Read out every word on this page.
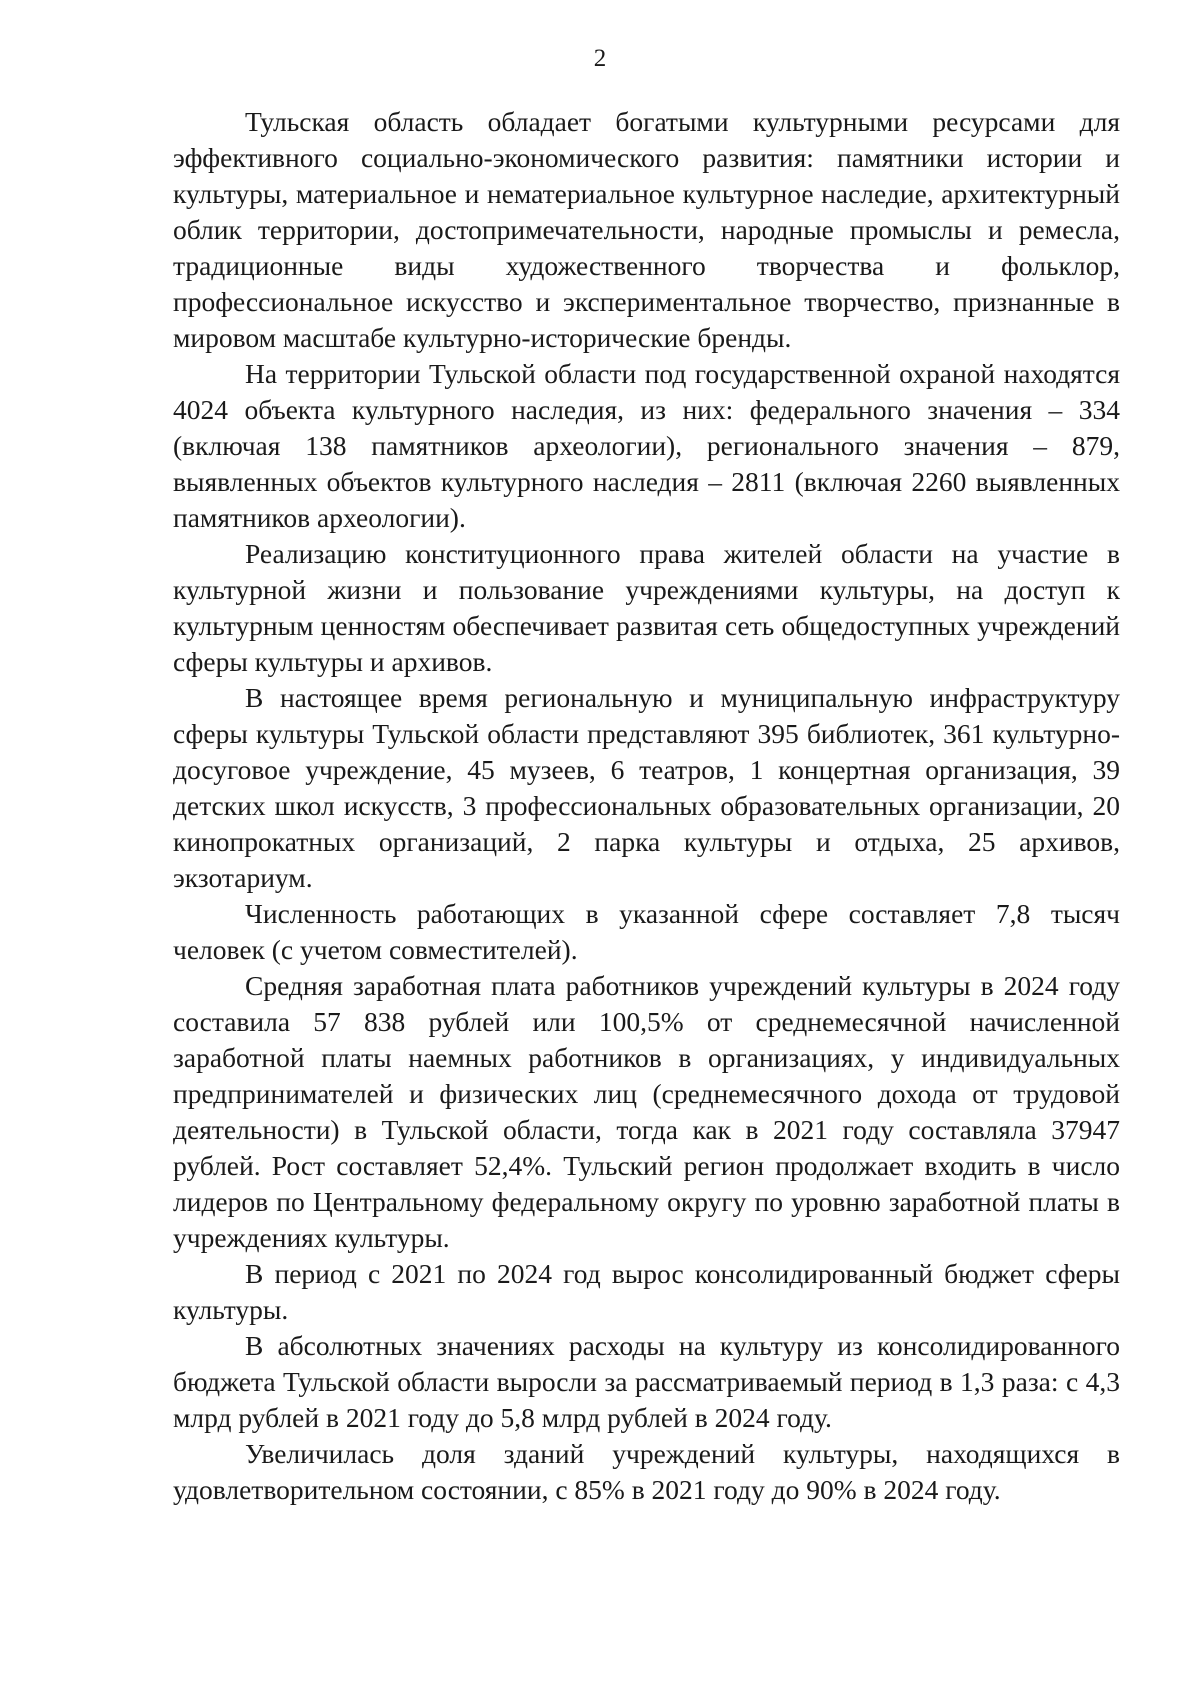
2

Тульская область обладает богатыми культурными ресурсами для эффективного социально-экономического развития: памятники истории и культуры, материальное и нематериальное культурное наследие, архитектурный облик территории, достопримечательности, народные промыслы и ремесла, традиционные виды художественного творчества и фольклор, профессиональное искусство и экспериментальное творчество, признанные в мировом масштабе культурно-исторические бренды.

На территории Тульской области под государственной охраной находятся 4024 объекта культурного наследия, из них: федерального значения – 334 (включая 138 памятников археологии), регионального значения – 879, выявленных объектов культурного наследия – 2811 (включая 2260 выявленных памятников археологии).

Реализацию конституционного права жителей области на участие в культурной жизни и пользование учреждениями культуры, на доступ к культурным ценностям обеспечивает развитая сеть общедоступных учреждений сферы культуры и архивов.

В настоящее время региональную и муниципальную инфраструктуру сферы культуры Тульской области представляют 395 библиотек, 361 культурно-досуговое учреждение, 45 музеев, 6 театров, 1 концертная организация, 39 детских школ искусств, 3 профессиональных образовательных организации, 20 кинопрокатных организаций, 2 парка культуры и отдыха, 25 архивов, экзотариум.

Численность работающих в указанной сфере составляет 7,8 тысяч человек (с учетом совместителей).

Средняя заработная плата работников учреждений культуры в 2024 году составила 57 838 рублей или 100,5% от среднемесячной начисленной заработной платы наемных работников в организациях, у индивидуальных предпринимателей и физических лиц (среднемесячного дохода от трудовой деятельности) в Тульской области, тогда как в 2021 году составляла 37947 рублей. Рост составляет 52,4%. Тульский регион продолжает входить в число лидеров по Центральному федеральному округу по уровню заработной платы в учреждениях культуры.

В период с 2021 по 2024 год вырос консолидированный бюджет сферы культуры.

В абсолютных значениях расходы на культуру из консолидированного бюджета Тульской области выросли за рассматриваемый период в 1,3 раза: с 4,3 млрд рублей в 2021 году до 5,8 млрд рублей в 2024 году.

Увеличилась доля зданий учреждений культуры, находящихся в удовлетворительном состоянии, с 85% в 2021 году до 90% в 2024 году.
